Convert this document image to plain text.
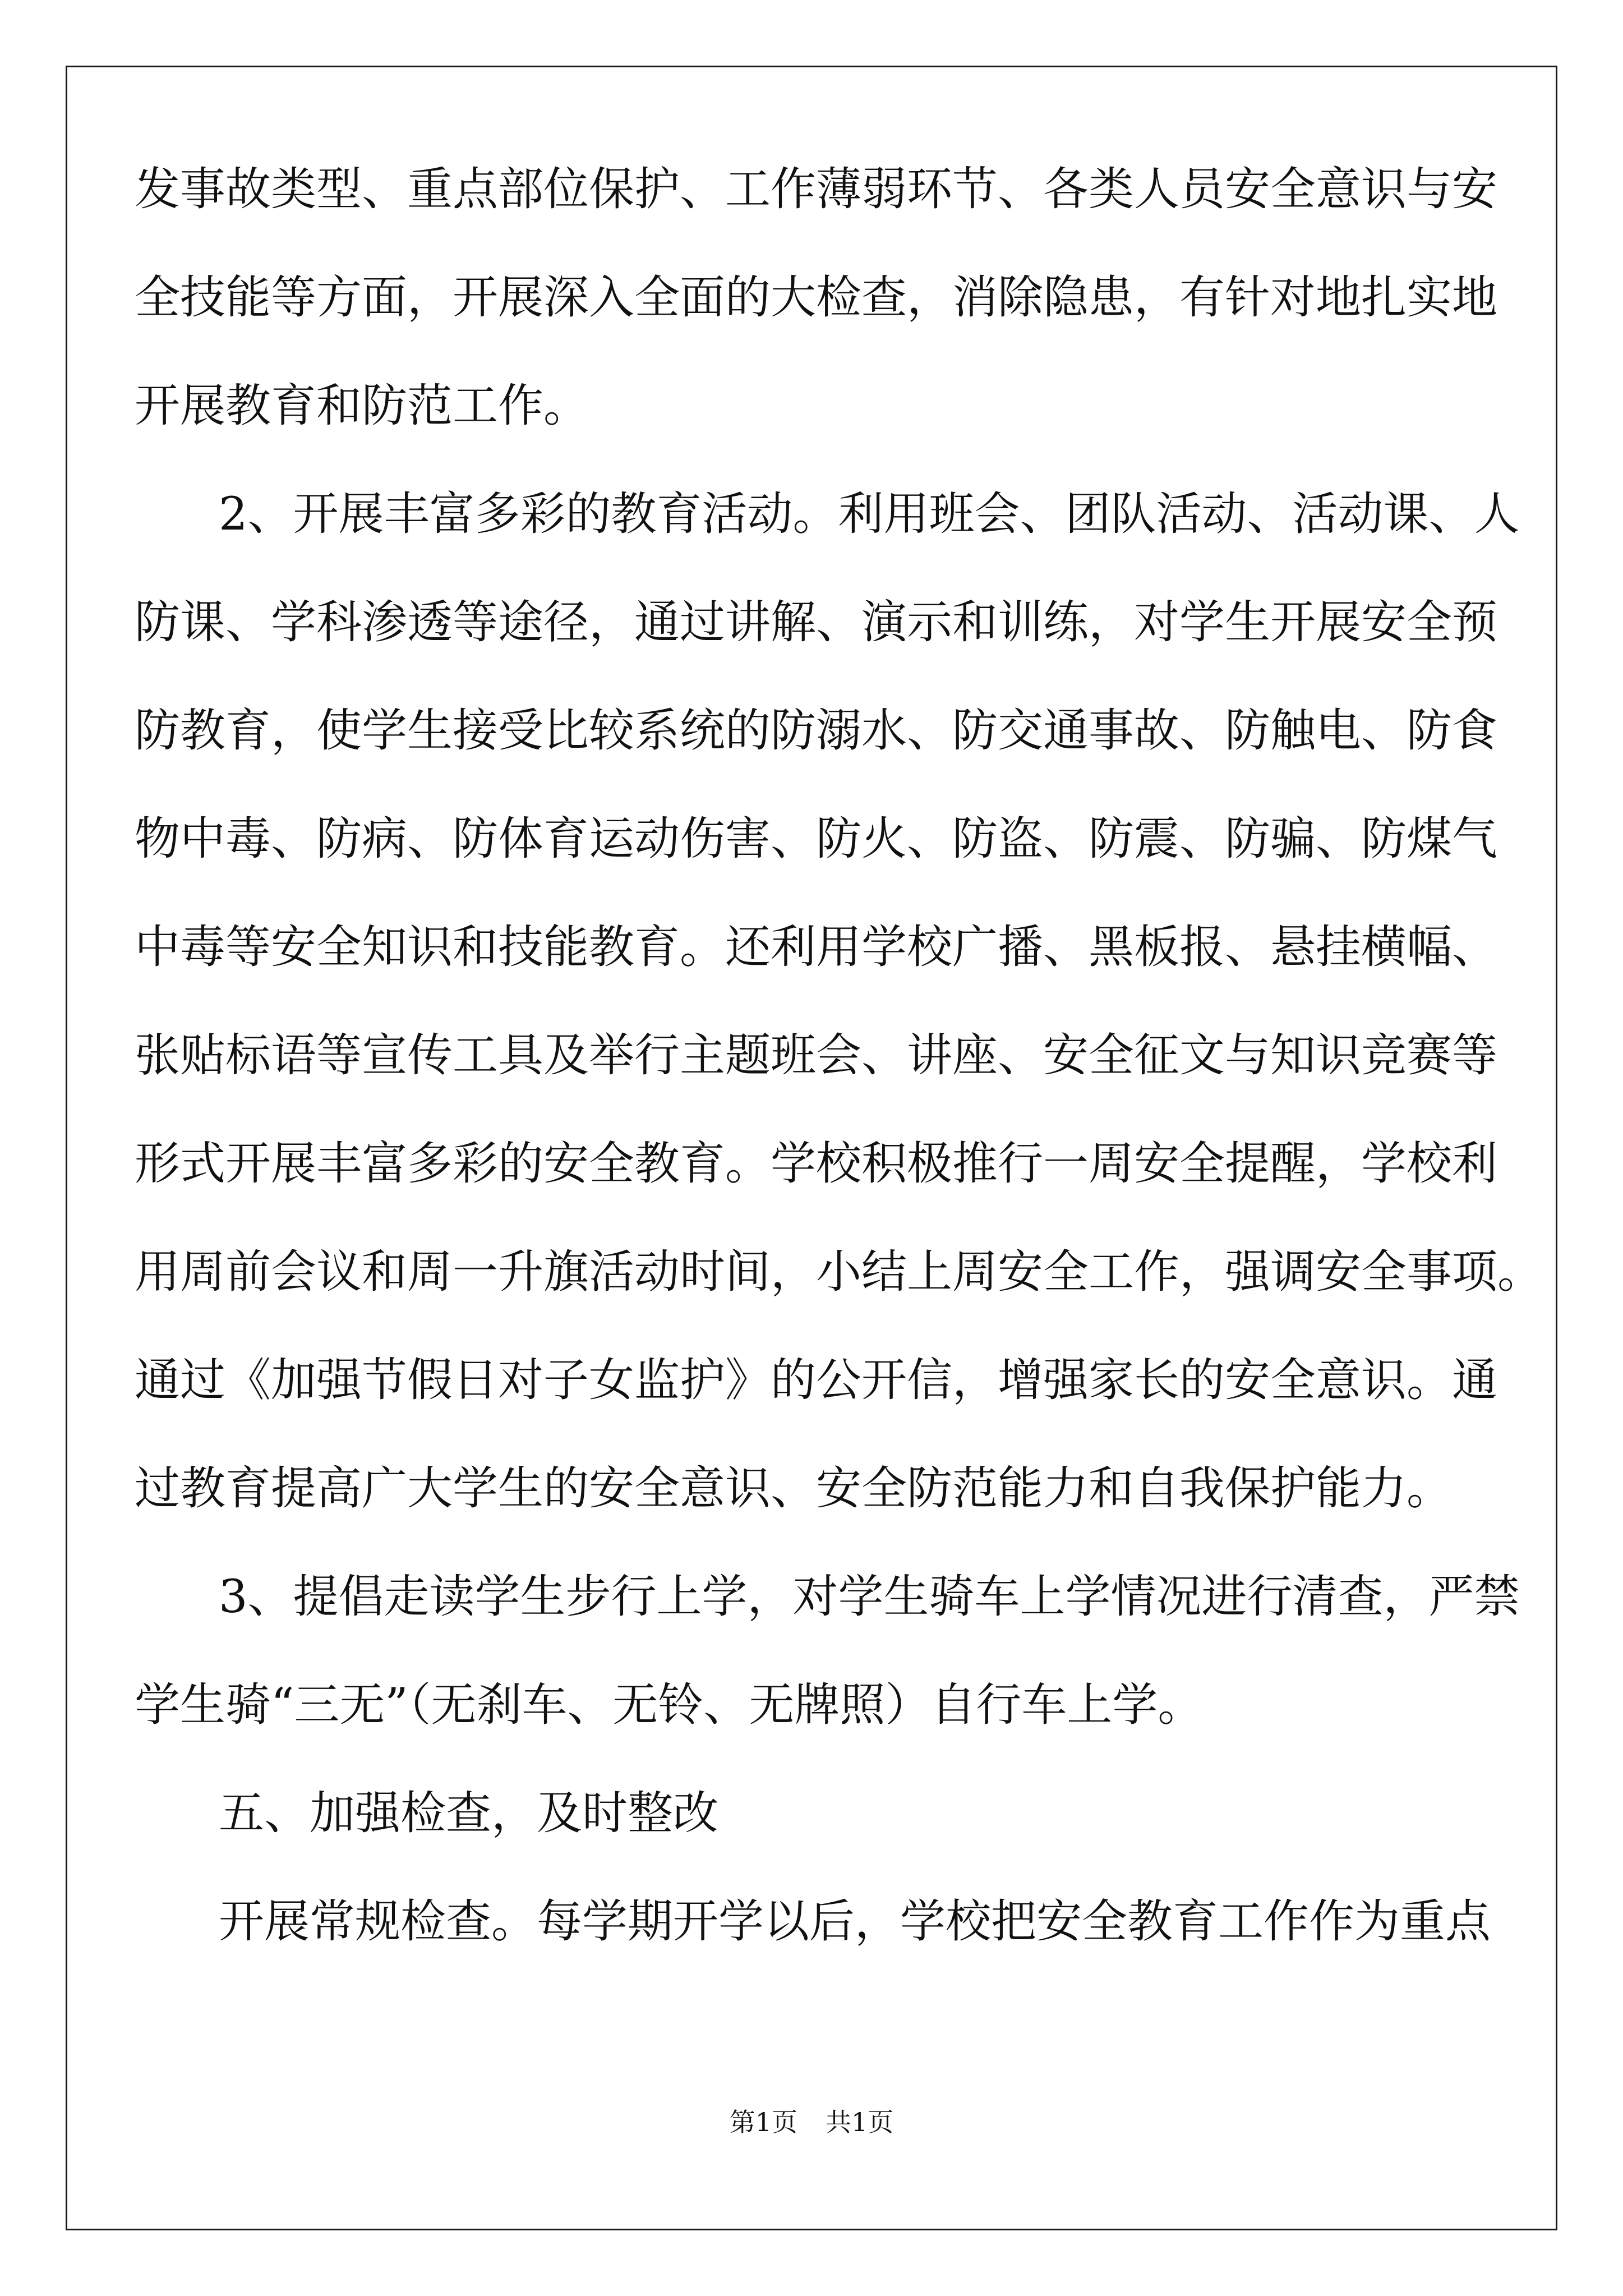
发事故类型、重点部位保护、工作薄弱环节、各类人员安全意识与安
全技能等方面，开展深入全面的大检查，消除隐患，有针对地扎实地
开展教育和防范工作。
2、开展丰富多彩的教育活动。利用班会、团队活动、活动课、人
防课、学科渗透等途径，通过讲解、演示和训练，对学生开展安全预
防教育，使学生接受比较系统的防溺水、防交通事故、防触电、防食
物中毒、防病、防体育运动伤害、防火、防盗、防震、防骗、防煤气
中毒等安全知识和技能教育。还利用学校广播、黑板报、悬挂横幅、
张贴标语等宣传工具及举行主题班会、讲座、安全征文与知识竞赛等
形式开展丰富多彩的安全教育。学校积极推行一周安全提醒，学校利
用周前会议和周一升旗活动时间，小结上周安全工作，强调安全事项。
通过《加强节假日对子女监护》的公开信，增强家长的安全意识。通
过教育提高广大学生的安全意识、安全防范能力和自我保护能力。
3、提倡走读学生步行上学，对学生骑车上学情况进行清查，严禁
学生骑“三无”（无刹车、无铃、无牌照）自行车上学。
五、加强检查，及时整改
开展常规检查。每学期开学以后，学校把安全教育工作作为重点
第1页 共1页
